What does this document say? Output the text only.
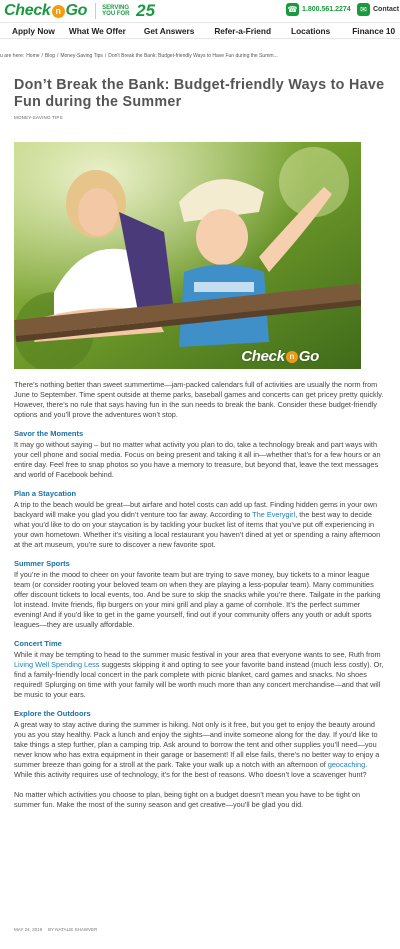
Check n Go	SERVING YOU FOR 25	☎ 1.800.561.2274	✉ Contact
Apply Now	What We Offer	Get Answers	Refer-a-Friend	Locations	Finance 10
u are here: Home / Blog / Money-Saving Tips / Don't Break the Bank: Budget-friendly Ways to Have Fun during the Summ...
Don’t Break the Bank: Budget-friendly Ways to Have Fun during the Summer
MONEY-SAVING TIPS
Check n Go

There’s nothing better than sweet summertime—jam-packed calendars full of activities are usually the norm from June to September. Time spent outside at theme parks, baseball games and concerts can get pricey pretty quickly. However, there’s no rule that says having fun in the sun needs to break the bank. Consider these budget-friendly options and you’ll prove the adventures won’t stop.

Savor the Moments

It may go without saying – but no matter what activity you plan to do, take a technology break and part ways with your cell phone and social media. Focus on being present and taking it all in—whether that’s for a few hours or an entire day. Feel free to snap photos so you have a memory to treasure, but beyond that, leave the text messages and world of Facebook behind.

Plan a Staycation

A trip to the beach would be great—but airfare and hotel costs can add up fast. Finding hidden gems in your own backyard will make you glad you didn’t venture too far away. According to The Everygirl, the best way to decide what you’d like to do on your staycation is by tackling your bucket list of items that you’ve put off experiencing in your own hometown. Whether it’s visiting a local restaurant you haven’t dined at yet or spending a rainy afternoon at the art museum, you’re sure to discover a new favorite spot.

Summer Sports

If you’re in the mood to cheer on your favorite team but are trying to save money, buy tickets to a minor league team (or consider rooting your beloved team on when they are playing a less-popular team). Many communities offer discount tickets to local events, too. And be sure to skip the snacks while you’re there. Tailgate in the parking lot instead. Invite friends, flip burgers on your mini grill and play a game of cornhole. It’s the perfect summer evening! And if you’d like to get in the game yourself, find out if your community offers any youth or adult sports leagues—they are usually affordable.

Concert Time

While it may be tempting to head to the summer music festival in your area that everyone wants to see, Ruth from Living Well Spending Less suggests skipping it and opting to see your favorite band instead (much less costly). Or, find a family-friendly local concert in the park complete with picnic blanket, card games and snacks. No shoes required! Splurging on time with your family will be worth much more than any concert merchandise—and that will be music to your ears.

Explore the Outdoors

A great way to stay active during the summer is hiking. Not only is it free, but you get to enjoy the beauty around you as you stay healthy. Pack a lunch and enjoy the sights—and invite someone along for the day. If you’d like to take things a step further, plan a camping trip. Ask around to borrow the tent and other supplies you’ll need—you never know who has extra equipment in their garage or basement! If all else fails, there’s no better way to enjoy a summer breeze than going for a stroll at the park. Take your walk up a notch with an afternoon of geocaching. While this activity requires use of technology, it’s for the best of reasons. Who doesn’t love a scavenger hunt?

No matter which activities you choose to plan, being tight on a budget doesn’t mean you have to be tight on summer fun. Make the most of the sunny season and get creative—you’ll be glad you did.

MAY 24, 2019 BY NATALIE SHAWVER
